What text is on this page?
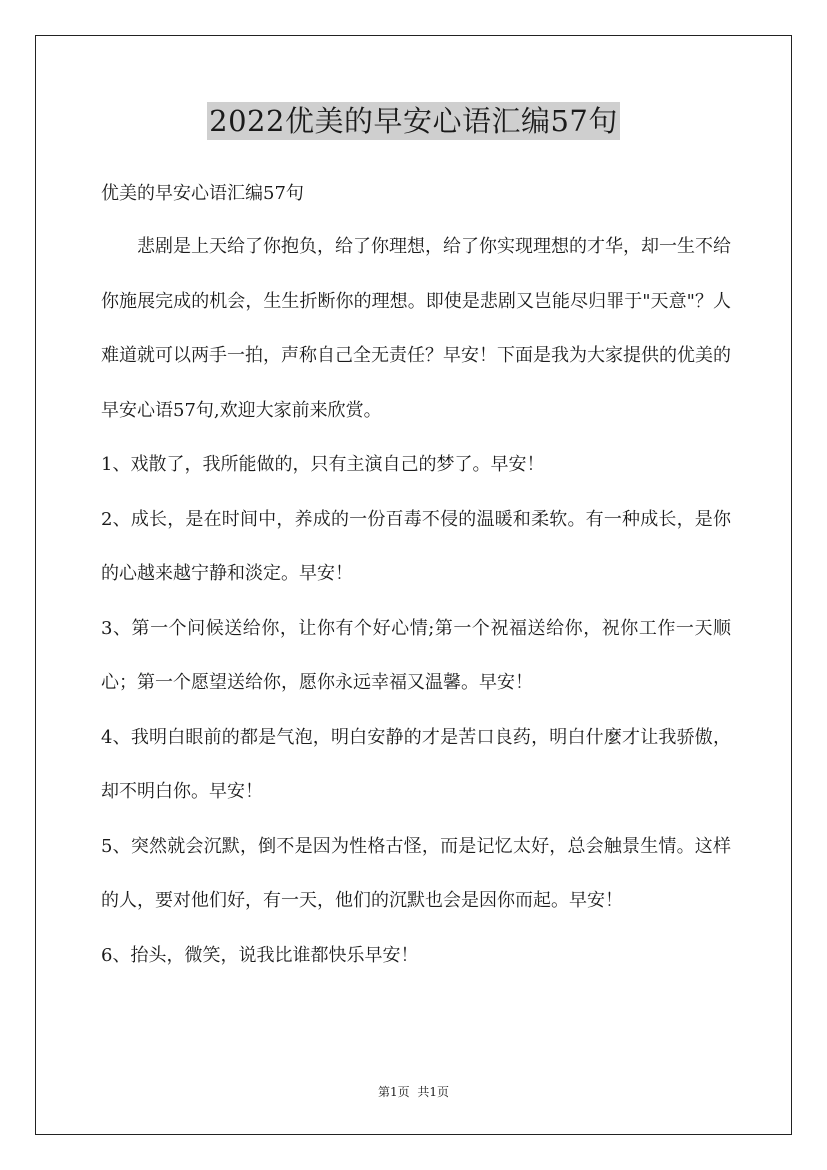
2022优美的早安心语汇编57句
优美的早安心语汇编57句
悲剧是上天给了你抱负，给了你理想，给了你实现理想的才华，却一生不给你施展完成的机会，生生折断你的理想。即使是悲剧又岂能尽归罪于"天意"？人难道就可以两手一拍，声称自己全无责任？早安！下面是我为大家提供的优美的早安心语57句,欢迎大家前来欣赏。
1、戏散了，我所能做的，只有主演自己的梦了。早安！
2、成长，是在时间中，养成的一份百毒不侵的温暖和柔软。有一种成长，是你的心越来越宁静和淡定。早安！
3、第一个问候送给你，让你有个好心情;第一个祝福送给你，祝你工作一天顺心；第一个愿望送给你，愿你永远幸福又温馨。早安！
4、我明白眼前的都是气泡，明白安静的才是苦口良药，明白什麼才让我骄傲，却不明白你。早安！
5、突然就会沉默，倒不是因为性格古怪，而是记忆太好，总会触景生情。这样的人，要对他们好，有一天，他们的沉默也会是因你而起。早安！
6、抬头，微笑，说我比谁都快乐早安！
第1页 共1页
